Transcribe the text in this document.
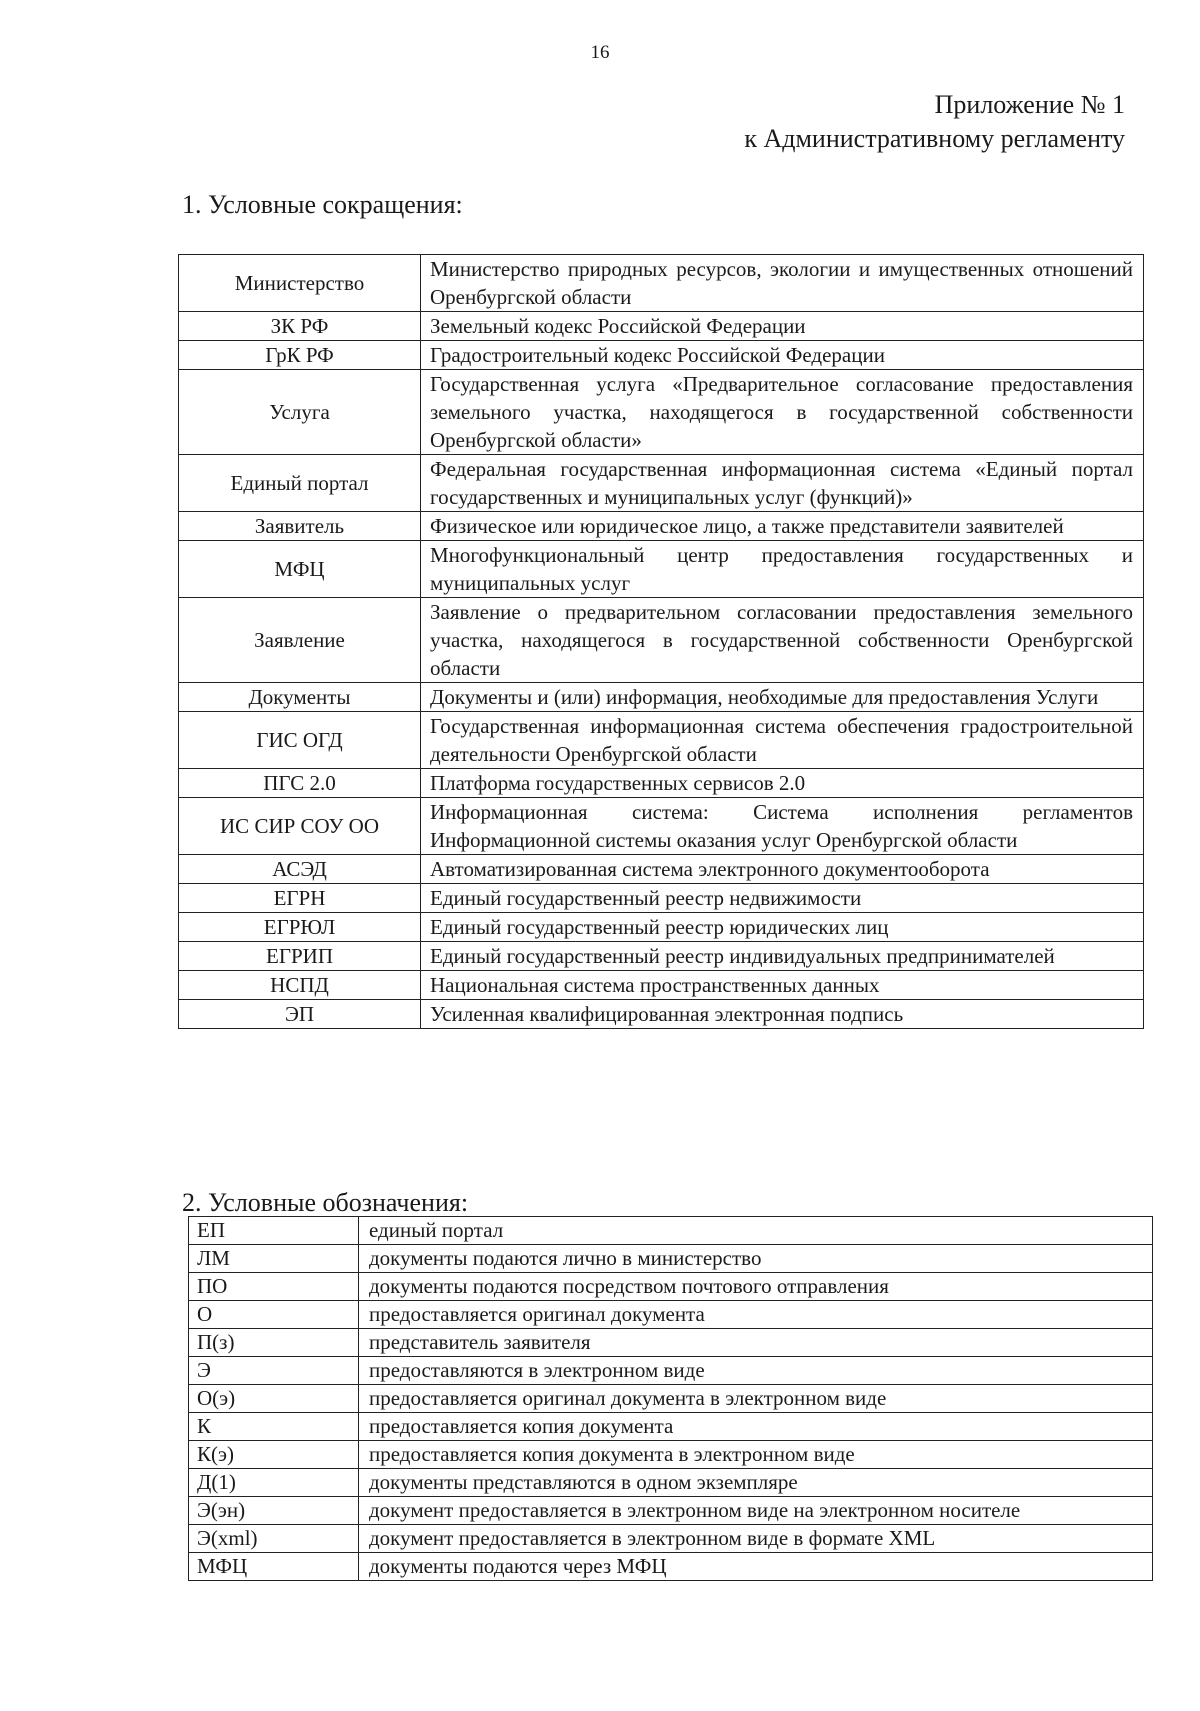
16
Приложение № 1
к Административному регламенту
1. Условные сокращения:
Министерство	Министерство природных ресурсов, экологии и имущественных отношений Оренбургской области
ЗК РФ	Земельный кодекс Российской Федерации
ГрК РФ	Градостроительный кодекс Российской Федерации
Услуга	Государственная услуга «Предварительное согласование предоставления земельного участка, находящегося в государственной собственности Оренбургской области»
Единый портал	Федеральная государственная информационная система «Единый портал государственных и муниципальных услуг (функций)»
Заявитель	Физическое или юридическое лицо, а также представители заявителей
МФЦ	Многофункциональный центр предоставления государственных и муниципальных услуг
Заявление	Заявление о предварительном согласовании предоставления земельного участка, находящегося в государственной собственности Оренбургской области
Документы	Документы и (или) информация, необходимые для предоставления Услуги
ГИС ОГД	Государственная информационная система обеспечения градостроительной деятельности Оренбургской области
ПГС 2.0	Платформа государственных сервисов 2.0
ИС СИР СОУ ОО	Информационная система: Система исполнения регламентов Информационной системы оказания услуг Оренбургской области
АСЭД	Автоматизированная система электронного документооборота
ЕГРН	Единый государственный реестр недвижимости
ЕГРЮЛ	Единый государственный реестр юридических лиц
ЕГРИП	Единый государственный реестр индивидуальных предпринимателей
НСПД	Национальная система пространственных данных
ЭП	Усиленная квалифицированная электронная подпись
2. Условные обозначения:
ЕП	единый портал
ЛМ	документы подаются лично в министерство
ПО	документы подаются посредством почтового отправления
О	предоставляется оригинал документа
П(з)	представитель заявителя
Э	предоставляются в электронном виде
О(э)	предоставляется оригинал документа в электронном виде
К	предоставляется копия документа
К(э)	предоставляется копия документа в электронном виде
Д(1)	документы представляются в одном экземпляре
Э(эн)	документ предоставляется в электронном виде на электронном носителе
Э(xml)	документ предоставляется в электронном виде в формате XML
МФЦ	документы подаются через МФЦ
